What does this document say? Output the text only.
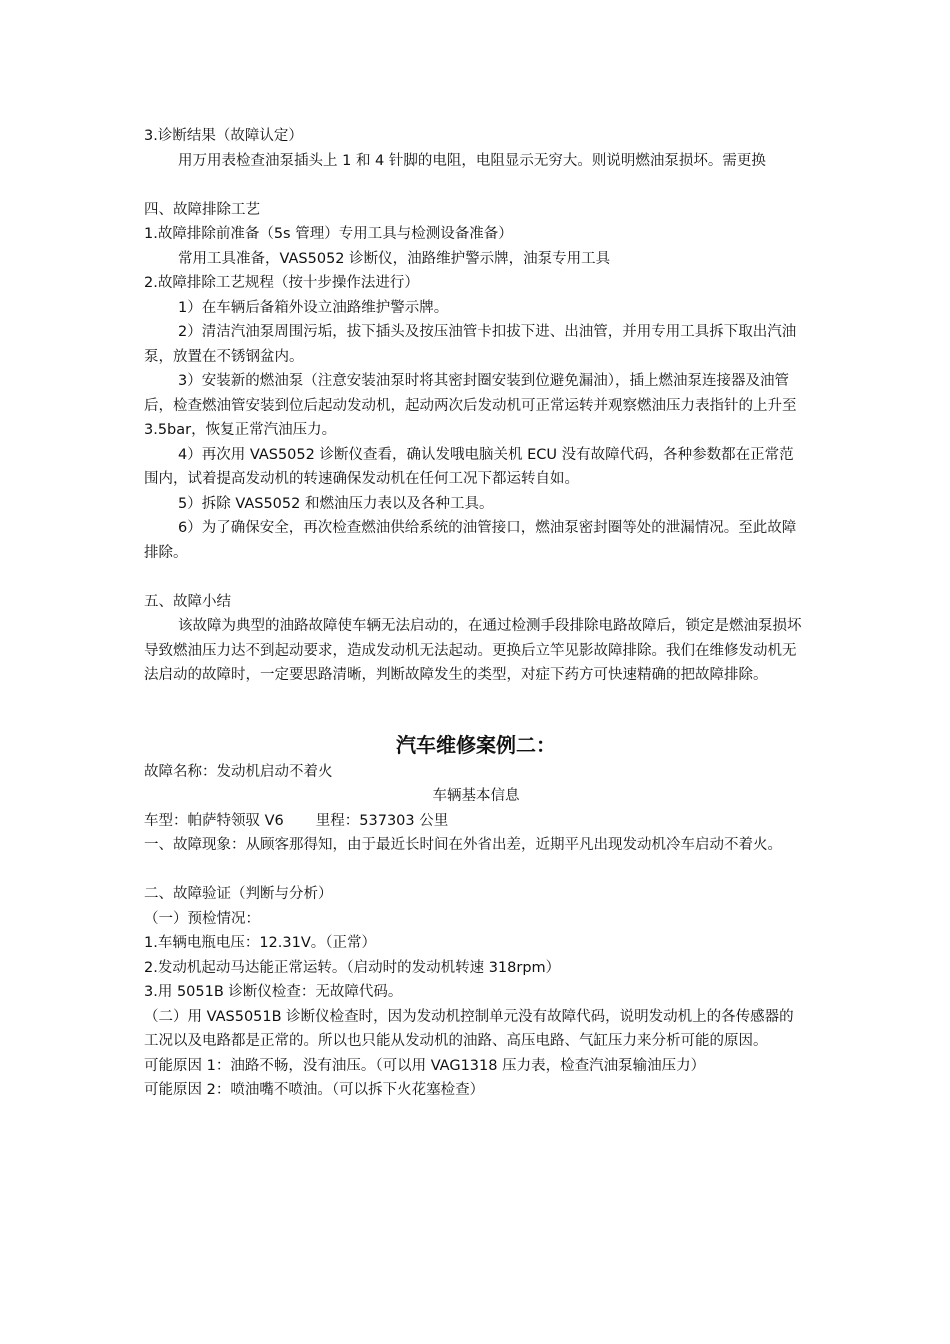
3.诊断结果（故障认定）

用万用表检查油泵插头上 1 和 4 针脚的电阻，电阻显示无穷大。则说明燃油泵损坏。需更换

四、故障排除工艺

1.故障排除前准备（5s 管理）专用工具与检测设备准备）

常用工具准备，VAS5052 诊断仪，油路维护警示牌，油泵专用工具

2.故障排除工艺规程（按十步操作法进行）

1）在车辆后备箱外设立油路维护警示牌。

2）清洁汽油泵周围污垢，拔下插头及按压油管卡扣拔下进、出油管，并用专用工具拆下取出汽油泵，放置在不锈钢盆内。

3）安装新的燃油泵（注意安装油泵时将其密封圈安装到位避免漏油），插上燃油泵连接器及油管后，检查燃油管安装到位后起动发动机，起动两次后发动机可正常运转并观察燃油压力表指针的上升至 3.5bar，恢复正常汽油压力。

4）再次用 VAS5052 诊断仪查看，确认发哦电脑关机 ECU 没有故障代码，各种参数都在正常范围内，试着提高发动机的转速确保发动机在任何工况下都运转自如。

5）拆除 VAS5052 和燃油压力表以及各种工具。

6）为了确保安全，再次检查燃油供给系统的油管接口，燃油泵密封圈等处的泄漏情况。至此故障排除。

五、故障小结

该故障为典型的油路故障使车辆无法启动的，在通过检测手段排除电路故障后，锁定是燃油泵损坏导致燃油压力达不到起动要求，造成发动机无法起动。更换后立竿见影故障排除。我们在维修发动机无法启动的故障时，一定要思路清晰，判断故障发生的类型，对症下药方可快速精确的把故障排除。

汽车维修案例二：

故障名称：发动机启动不着火

车辆基本信息

车型：帕萨特领驭 V6 里程：537303 公里

一、故障现象：从顾客那得知，由于最近长时间在外省出差，近期平凡出现发动机冷车启动不着火。

二、故障验证（判断与分析）

（一）预检情况：

1.车辆电瓶电压：12.31V。（正常）

2.发动机起动马达能正常运转。（启动时的发动机转速 318rpm）

3.用 5051B 诊断仪检查：无故障代码。

（二）用 VAS5051B 诊断仪检查时，因为发动机控制单元没有故障代码，说明发动机上的各传感器的工况以及电路都是正常的。所以也只能从发动机的油路、高压电路、气缸压力来分析可能的原因。

可能原因 1：油路不畅，没有油压。（可以用 VAG1318 压力表，检查汽油泵输油压力）

可能原因 2：喷油嘴不喷油。（可以拆下火花塞检查）
